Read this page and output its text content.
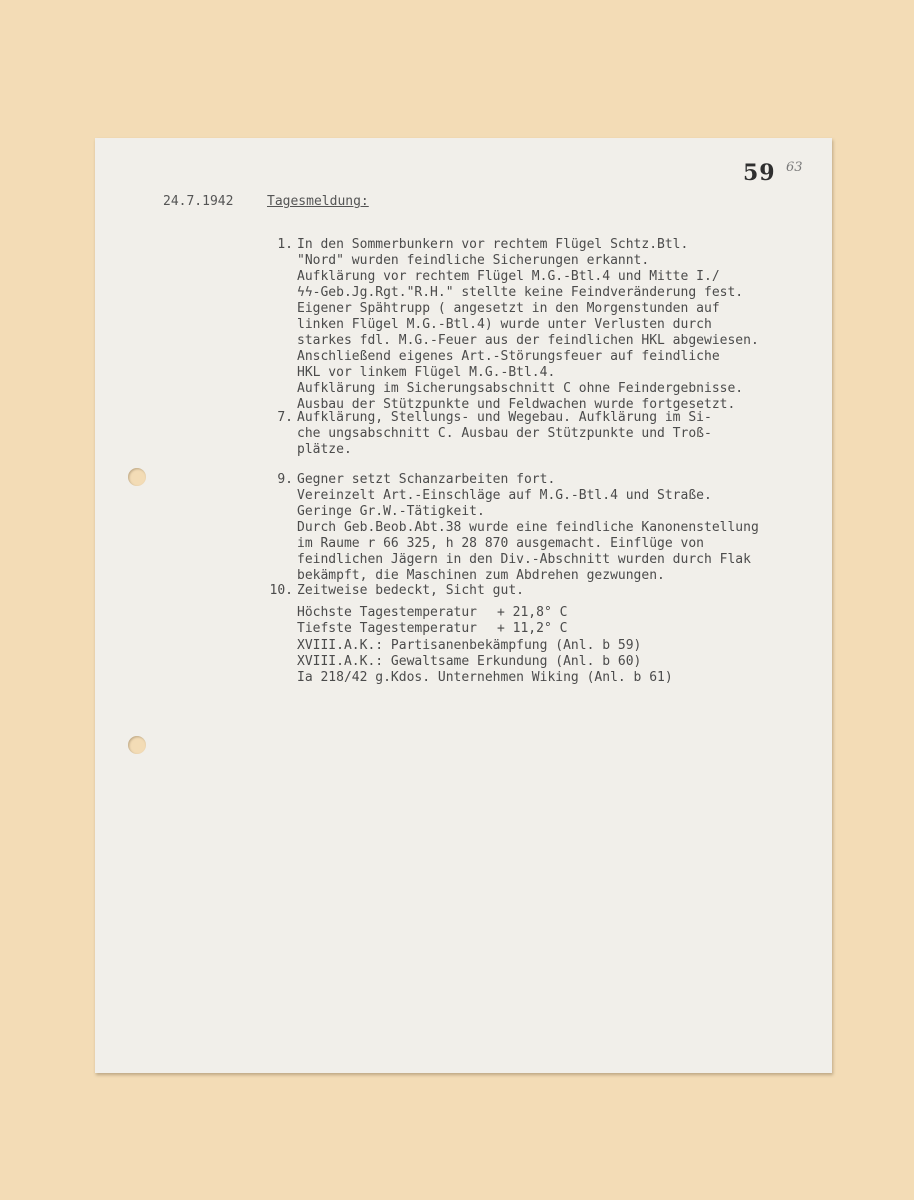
59 63
24.7.1942	Tagesmeldung:
1. In den Sommerbunkern vor rechtem Flügel Schtz.Btl.
"Nord" wurden feindliche Sicherungen erkannt.
Aufklärung vor rechtem Flügel M.G.-Btl.4 und Mitte I./
ϟϟ-Geb.Jg.Rgt."R.H." stellte keine Feindveränderung fest.
Eigener Spähtrupp ( angesetzt in den Morgenstunden auf
linken Flügel M.G.-Btl.4) wurde unter Verlusten durch
starkes fdl. M.G.-Feuer aus der feindlichen HKL abgewiesen.
Anschließend eigenes Art.-Störungsfeuer auf feindliche
HKL vor linkem Flügel M.G.-Btl.4.
Aufklärung im Sicherungsabschnitt C ohne Feindergebnisse.
Ausbau der Stützpunkte und Feldwachen wurde fortgesetzt.
7. Aufklärung, Stellungs- und Wegebau. Aufklärung im Si-
che ungsabschnitt C. Ausbau der Stützpunkte und Troß-
plätze.
9. Gegner setzt Schanzarbeiten fort.
Vereinzelt Art.-Einschläge auf M.G.-Btl.4 und Straße.
Geringe Gr.W.-Tätigkeit.
Durch Geb.Beob.Abt.38 wurde eine feindliche Kanonenstellung
im Raume r 66 325, h 28 870 ausgemacht. Einflüge von
feindlichen Jägern in den Div.-Abschnitt wurden durch Flak
bekämpft, die Maschinen zum Abdrehen gezwungen.
10. Zeitweise bedeckt, Sicht gut.
Höchste Tagestemperatur	+ 21,8° C
Tiefste Tagestemperatur	+ 11,2° C
XVIII.A.K.: Partisanenbekämpfung (Anl. b 59)
XVIII.A.K.: Gewaltsame Erkundung (Anl. b 60)
Ia 218/42 g.Kdos. Unternehmen Wiking (Anl. b 61)
